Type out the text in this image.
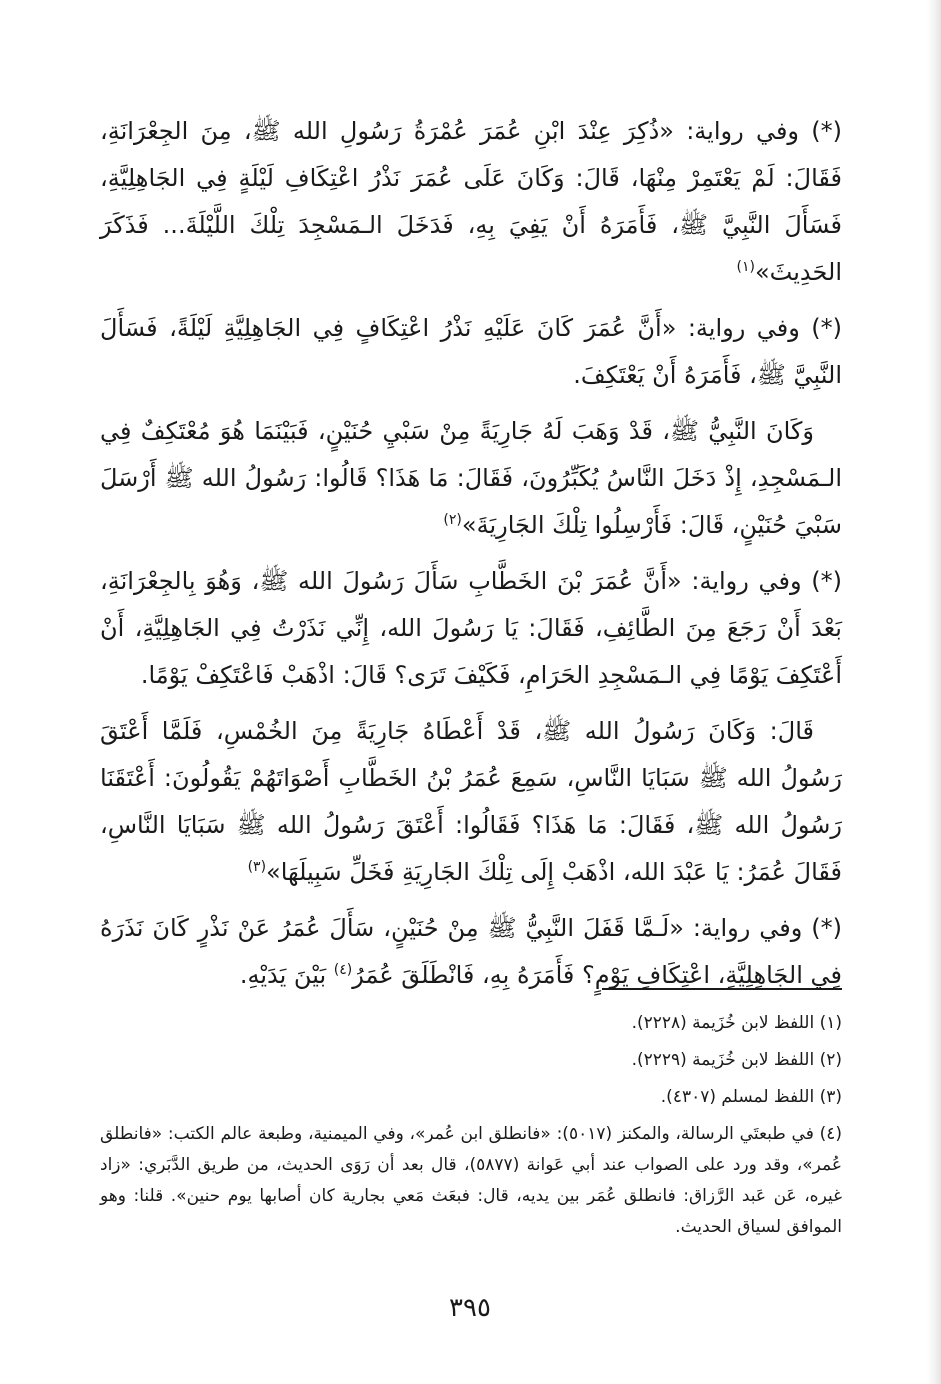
(*) وفي رواية: «ذُكِرَ عِنْدَ ابْنِ عُمَرَ عُمْرَةُ رَسُولِ الله ﷺ، مِنَ الجِعْرَانَةِ، فَقَالَ: لَمْ يَعْتَمِرْ مِنْهَا، قَالَ: وَكَانَ عَلَى عُمَرَ نَذْرُ اعْتِكَافِ لَيْلَةٍ فِي الجَاهِلِيَّةِ، فَسَأَلَ النَّبِيَّ ﷺ، فَأَمَرَهُ أَنْ يَفِيَ بِهِ، فَدَخَلَ الـمَسْجِدَ تِلْكَ اللَّيْلَةَ... فَذَكَرَ الحَدِيثَ»$^{(١)}$

(*) وفي رواية: «أَنَّ عُمَرَ كَانَ عَلَيْهِ نَذْرُ اعْتِكَافٍ فِي الجَاهِلِيَّةِ لَيْلَةً، فَسَأَلَ النَّبِيَّ ﷺ، فَأَمَرَهُ أَنْ يَعْتَكِفَ.

وَكَانَ النَّبِيُّ ﷺ، قَدْ وَهَبَ لَهُ جَارِيَةً مِنْ سَبْيِ حُنَيْنٍ، فَبَيْنَمَا هُوَ مُعْتَكِفٌ فِي الـمَسْجِدِ، إِذْ دَخَلَ النَّاسُ يُكَبِّرُونَ، فَقَالَ: مَا هَذَا؟ قَالُوا: رَسُولُ الله ﷺ أَرْسَلَ سَبْيَ حُنَيْنٍ، قَالَ: فَأَرْسِلُوا تِلْكَ الجَارِيَةَ»$^{(٢)}$

(*) وفي رواية: «أَنَّ عُمَرَ بْنَ الخَطَّابِ سَأَلَ رَسُولَ الله ﷺ، وَهُوَ بِالجِعْرَانَةِ، بَعْدَ أَنْ رَجَعَ مِنَ الطَّائِفِ، فَقَالَ: يَا رَسُولَ الله، إِنِّي نَذَرْتُ فِي الجَاهِلِيَّةِ، أَنْ أَعْتَكِفَ يَوْمًا فِي الـمَسْجِدِ الحَرَامِ، فَكَيْفَ تَرَى؟ قَالَ: اذْهَبْ فَاعْتَكِفْ يَوْمًا.

قَالَ: وَكَانَ رَسُولُ الله ﷺ، قَدْ أَعْطَاهُ جَارِيَةً مِنَ الخُمْسِ، فَلَمَّا أَعْتَقَ رَسُولُ الله ﷺ سَبَايَا النَّاسِ، سَمِعَ عُمَرُ بْنُ الخَطَّابِ أَصْوَاتَهُمْ يَقُولُونَ: أَعْتَقَنَا رَسُولُ الله ﷺ، فَقَالَ: مَا هَذَا؟ فَقَالُوا: أَعْتَقَ رَسُولُ الله ﷺ سَبَايَا النَّاسِ، فَقَالَ عُمَرُ: يَا عَبْدَ الله، اذْهَبْ إِلَى تِلْكَ الجَارِيَةِ فَخَلِّ سَبِيلَهَا»$^{(٣)}$

(*) وفي رواية: «لَـمَّا قَفَلَ النَّبِيُّ ﷺ مِنْ حُنَيْنٍ، سَأَلَ عُمَرُ عَنْ نَذْرٍ كَانَ نَذَرَهُ فِي الجَاهِلِيَّةِ، اعْتِكَافِ يَوْمٍ؟ فَأَمَرَهُ بِهِ، فَانْطَلَقَ عُمَرُ$^{(٤)}$ بَيْنَ يَدَيْهِ.

(١) اللفظ لابن خُزَيمة (٢٢٢٨).

(٢) اللفظ لابن خُزَيمة (٢٢٢٩).

(٣) اللفظ لمسلم (٤٣٠٧).

(٤) في طبعتَي الرسالة، والمكنز (٥٠١٧): «فانطلق ابن عُمر»، وفي الميمنية، وطبعة عالم الكتب: «فانطلق عُمر»، وقد ورد على الصواب عند أبي عَوانة (٥٨٧٧)، قال بعد أن رَوَى الحديث، من طريق الدَّبَري: «زاد غيره، عَن عَبد الرَّزاق: فانطلق عُمَر بين يديه، قال: فبعَث مَعي بجارية كان أصابها يوم حنين». قلنا: وهو الموافق لسياق الحديث.

٣٩٥
